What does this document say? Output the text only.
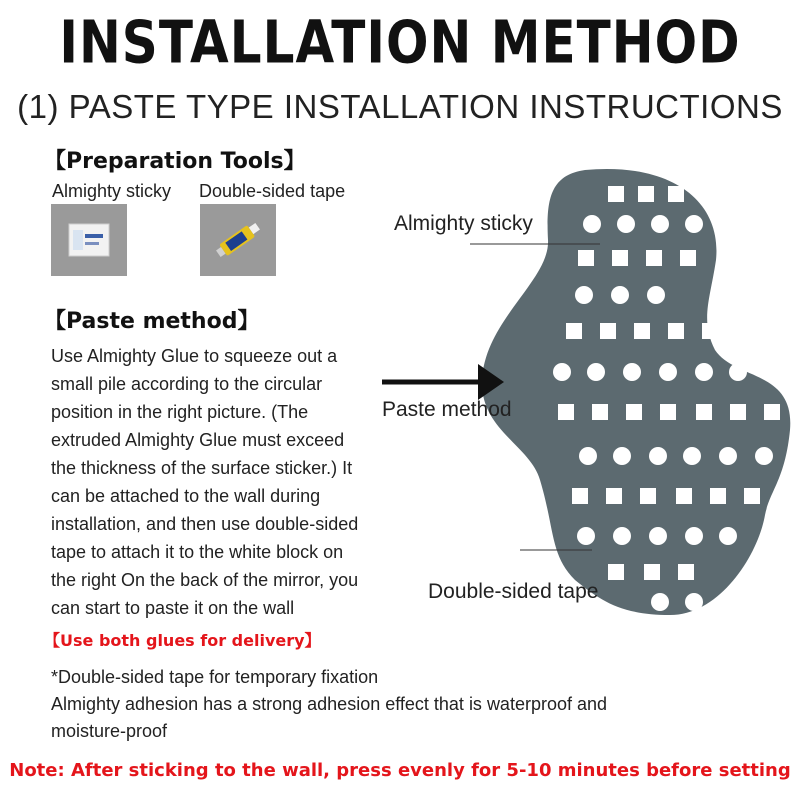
INSTALLATION METHOD
(1) PASTE TYPE INSTALLATION INSTRUCTIONS
【Preparation Tools】
Almighty sticky Double-sided tape
【Paste method】
Use Almighty Glue to squeeze out a
small pile according to the circular
position in the right picture. (The
extruded Almighty Glue must exceed
the thickness of the surface sticker.) It
can be attached to the wall during
installation, and then use double-sided
tape to attach it to the white block on
the right On the back of the mirror, you
can start to paste it on the wall
【Use both glues for delivery】
*Double-sided tape for temporary fixation
Almighty adhesion has a strong adhesion effect that is waterproof and
moisture-proof
Note: After sticking to the wall, press evenly for 5-10 minutes before setting
Almighty sticky
Paste method
Double-sided tape
